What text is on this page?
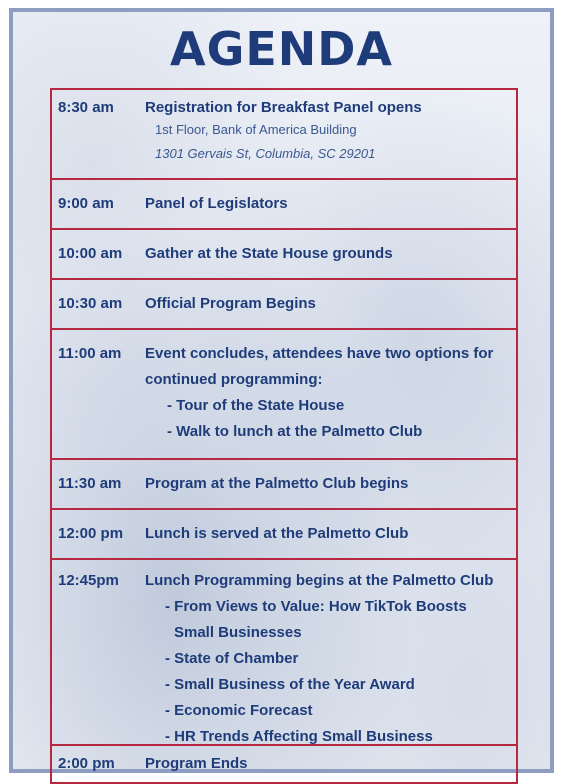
AGENDA
8:30 am Registration for Breakfast Panel opens
1st Floor, Bank of America Building
1301 Gervais St, Columbia, SC 29201
9:00 am Panel of Legislators
10:00 am Gather at the State House grounds
10:30 am Official Program Begins
11:00 am Event concludes, attendees have two options for
continued programming:
- Tour of the State House
- Walk to lunch at the Palmetto Club
11:30 am Program at the Palmetto Club begins
12:00 pm Lunch is served at the Palmetto Club
12:45pm Lunch Programming begins at the Palmetto Club
- From Views to Value: How TikTok Boosts
Small Businesses
- State of Chamber
- Small Business of the Year Award
- Economic Forecast
- HR Trends Affecting Small Business
2:00 pm Program Ends
